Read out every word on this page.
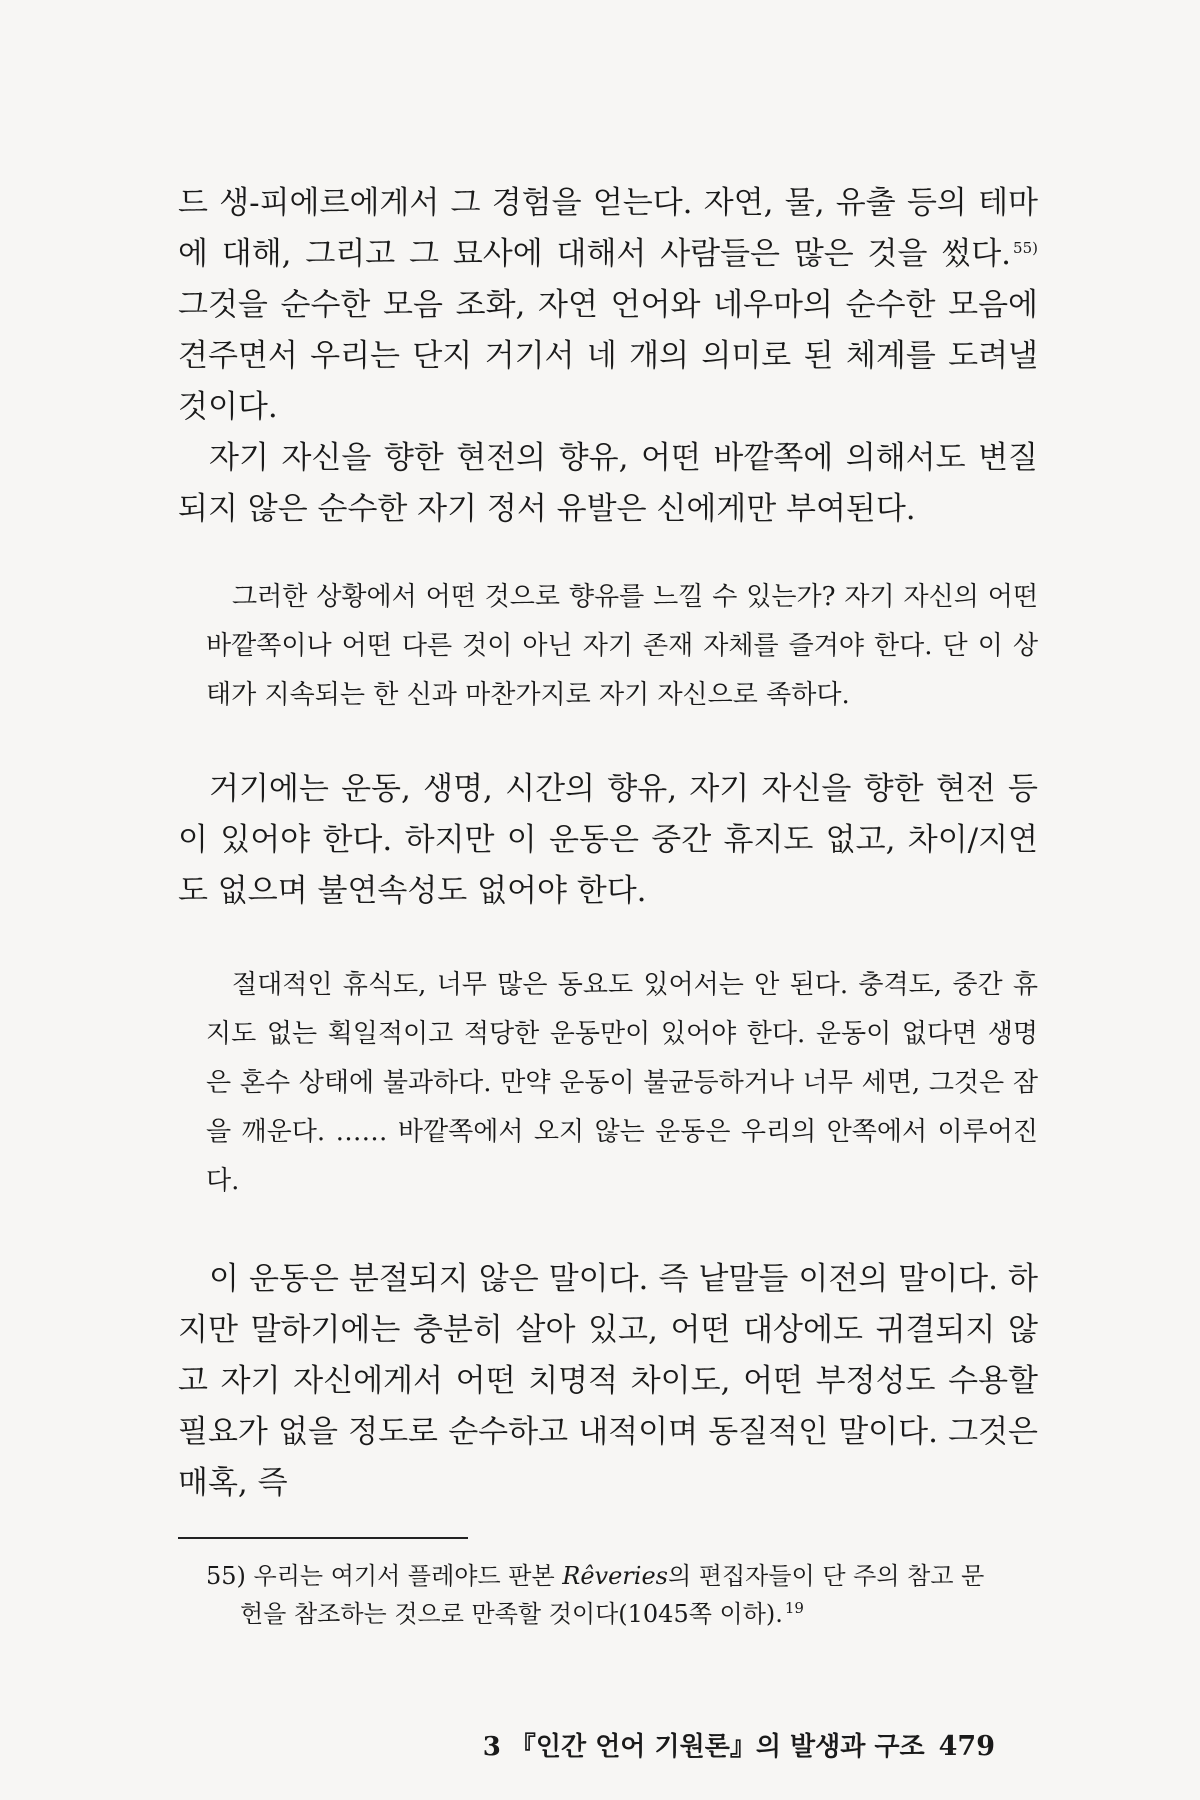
드 생-피에르에게서 그 경험을 얻는다. 자연, 물, 유출 등의 테마에 대해, 그리고 그 묘사에 대해서 사람들은 많은 것을 썼다. $^{55)}$ 그것을 순수한 모음 조화, 자연 언어와 네우마의 순수한 모음에 견주면서 우리는 단지 거기서 네 개의 의미로 된 체계를 도려낼 것이다.

자기 자신을 향한 현전의 향유, 어떤 바깥쪽에 의해서도 변질되지 않은 순수한 자기 정서 유발은 신에게만 부여된다.

그러한 상황에서 어떤 것으로 향유를 느낄 수 있는가? 자기 자신의 어떤 바깥쪽이나 어떤 다른 것이 아닌 자기 존재 자체를 즐겨야 한다. 단 이 상태가 지속되는 한 신과 마찬가지로 자기 자신으로 족하다.

거기에는 운동, 생명, 시간의 향유, 자기 자신을 향한 현전 등이 있어야 한다. 하지만 이 운동은 중간 휴지도 없고, 차이/지연도 없으며 불연속성도 없어야 한다.

절대적인 휴식도, 너무 많은 동요도 있어서는 안 된다. 충격도, 중간 휴지도 없는 획일적이고 적당한 운동만이 있어야 한다. 운동이 없다면 생명은 혼수 상태에 불과하다. 만약 운동이 불균등하거나 너무 세면, 그것은 잠을 깨운다. …… 바깥쪽에서 오지 않는 운동은 우리의 안쪽에서 이루어진다.

이 운동은 분절되지 않은 말이다. 즉 낱말들 이전의 말이다. 하지만 말하기에는 충분히 살아 있고, 어떤 대상에도 귀결되지 않고 자기 자신에게서 어떤 치명적 차이도, 어떤 부정성도 수용할 필요가 없을 정도로 순수하고 내적이며 동질적인 말이다. 그것은 매혹, 즉

55) 우리는 여기서 플레야드 판본 Rêveries의 편집자들이 단 주의 참고 문
헌을 참조하는 것으로 만족할 것이다(1045쪽 이하). $^{19}$

3 『인간 언어 기원론』의 발생과 구조 479
